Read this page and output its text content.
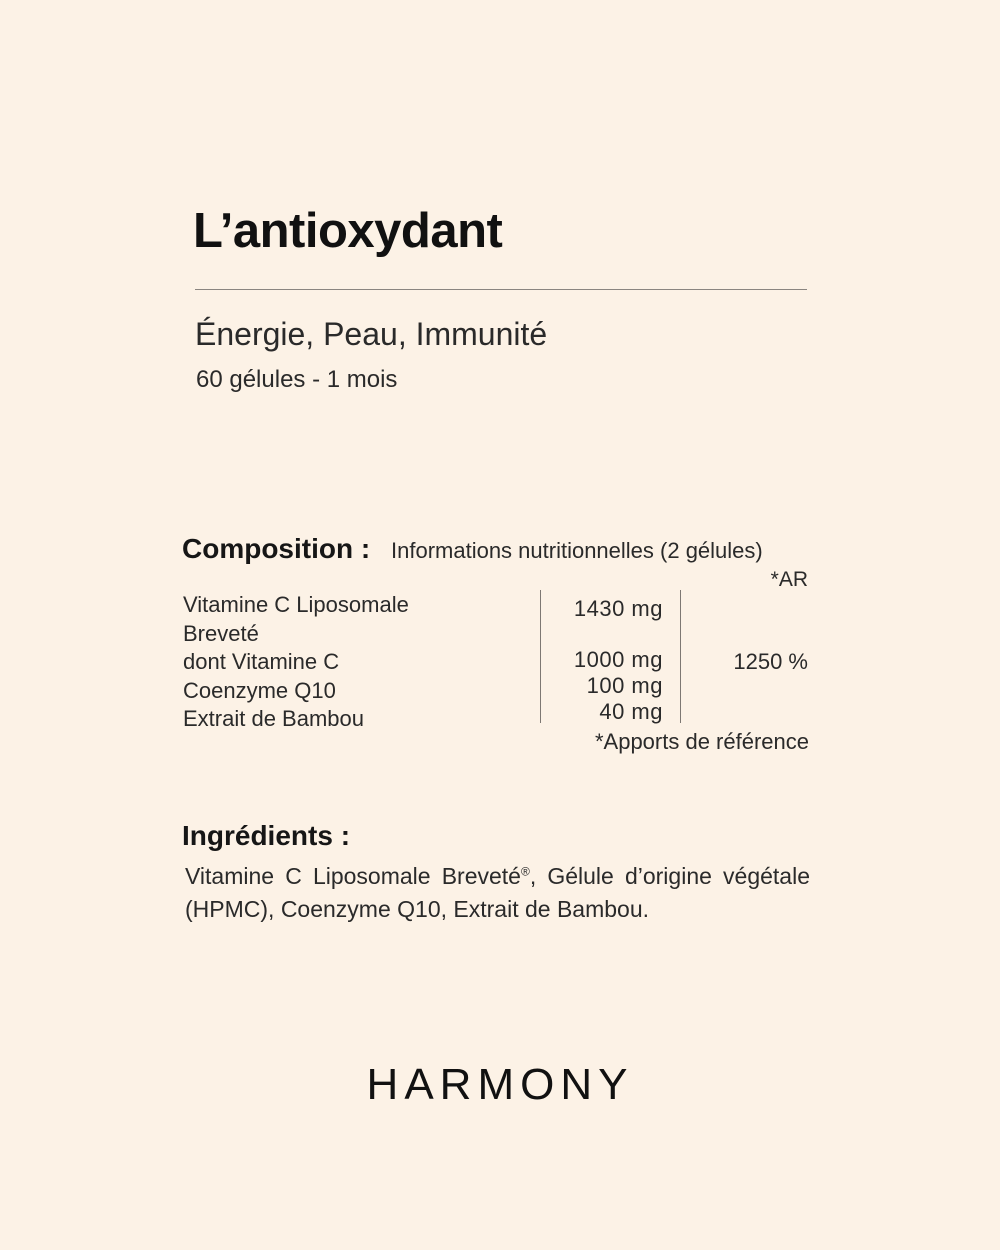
L’antioxydant
Énergie, Peau, Immunité
60 gélules - 1 mois
Composition : Informations nutritionnelles (2 gélules)
*AR
Vitamine C Liposomale
Breveté
dont Vitamine C
Coenzyme Q10
Extrait de Bambou
1430 mg
1000 mg
100 mg
40 mg
1250 %
*Apports de référence
Ingrédients :
Vitamine C Liposomale Breveté®, Gélule d’origine végétale (HPMC), Coenzyme Q10, Extrait de Bambou.
HARMONY
